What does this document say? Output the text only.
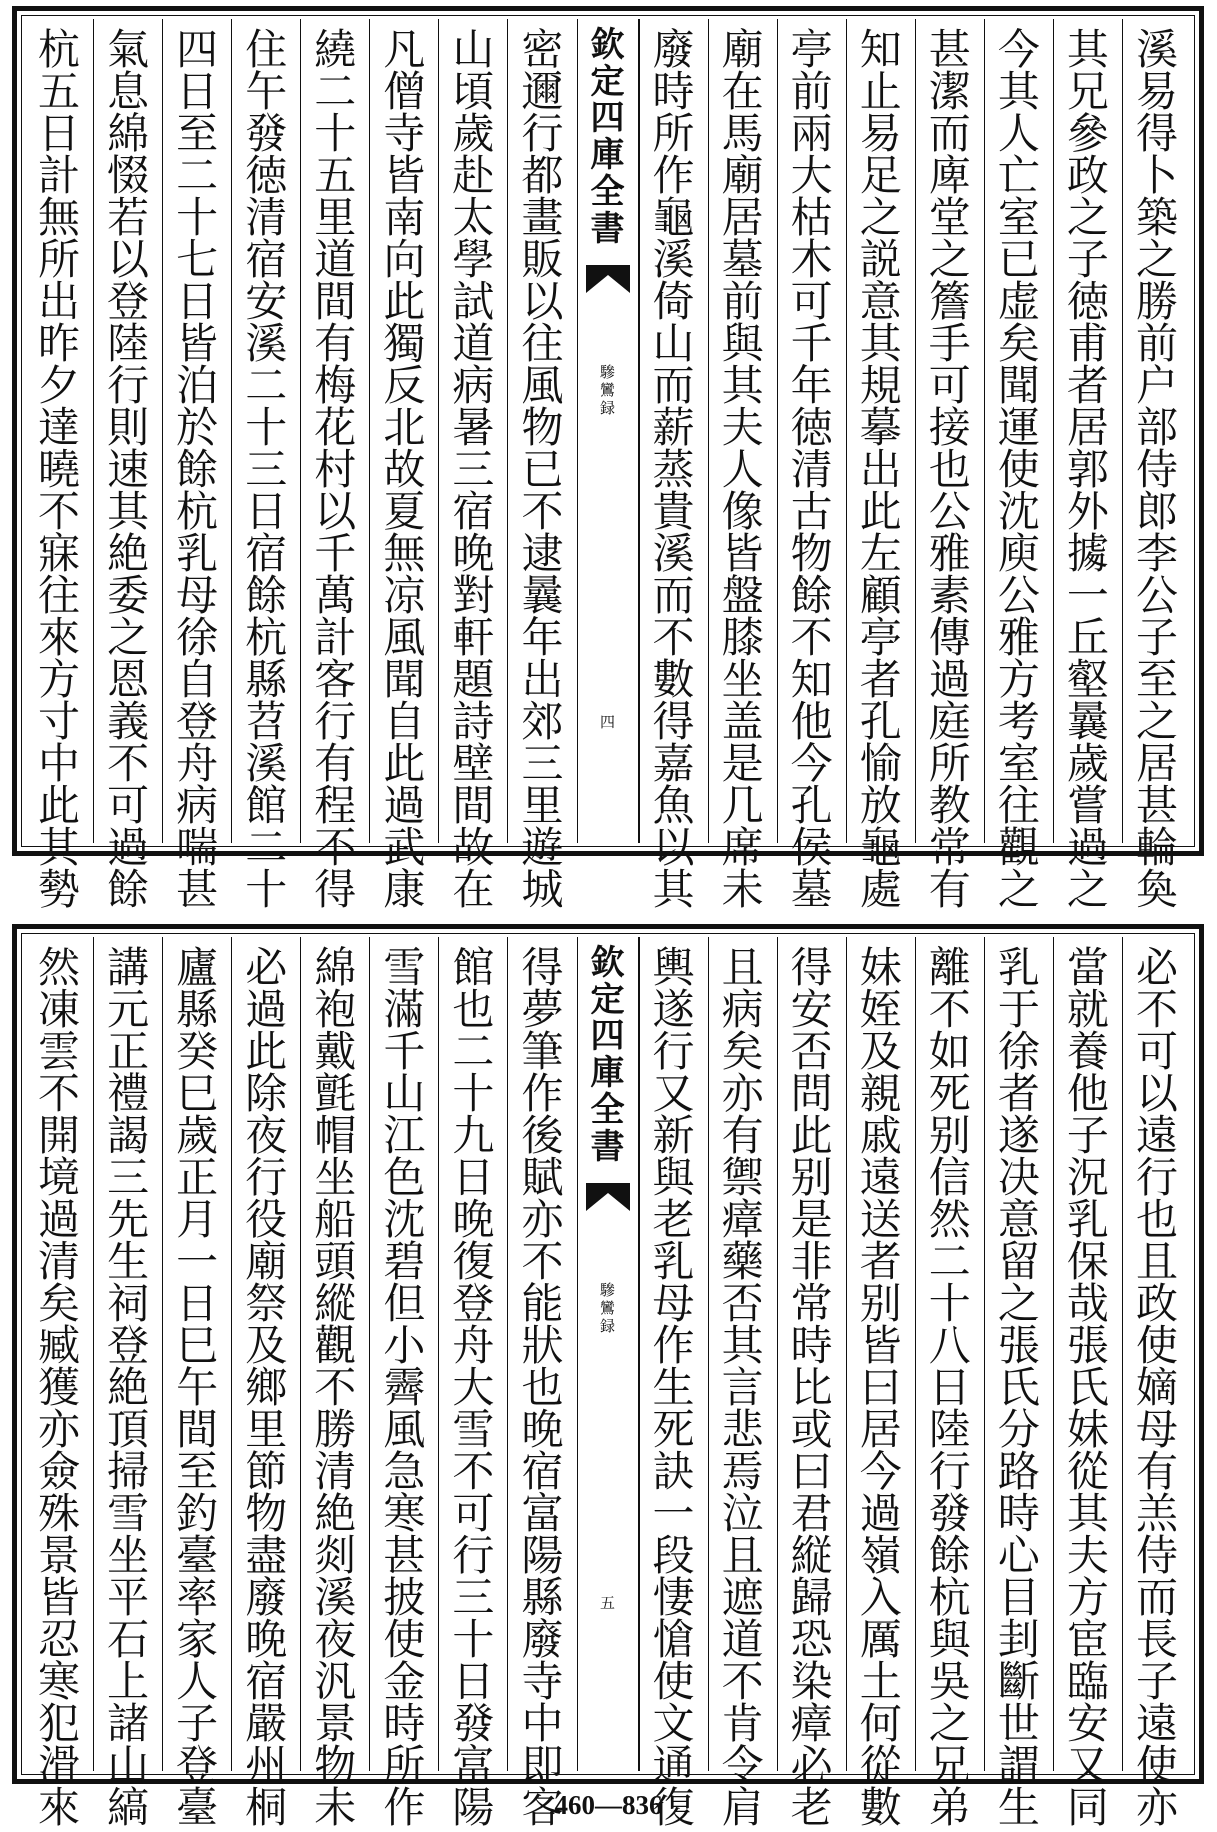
溪
易
得
卜
築
之
勝
前
户
部
侍
郎
李
公
子
至
之
居
甚
輪
奐
其
兄
參
政
之
子
徳
甫
者
居
郭
外
㩀
一
丘
壑
曩
歲
嘗
過
之
今
其
人
亡
室
已
虚
矣
聞
運
使
沈
庾
公
雅
方
考
室
往
觀
之
甚
潔
而
庳
堂
之
簷
手
可
接
也
公
雅
素
傳
過
庭
所
教
常
有
知
止
易
足
之
説
意
其
規
摹
出
此
左
顧
亭
者
孔
愉
放
龜
處
亭
前
兩
大
枯
木
可
千
年
徳
清
古
物
餘
不
知
他
今
孔
侯
墓
廟
在
馬
廟
居
墓
前
與
其
夫
人
像
皆
盤
膝
坐
盖
是
几
席
未
廢
時
所
作
龜
溪
倚
山
而
薪
蒸
貴
溪
而
不
數
得
嘉
魚
以
其
欽
定
四
庫
全
書
驂
鸞
録
四
密
邇
行
都
畫
販
以
往
風
物
已
不
逮
曩
年
出
郊
三
里
遊
城
山
頃
歲
赴
太
學
試
道
病
暑
三
宿
晚
對
軒
題
詩
壁
間
故
在
凡
僧
寺
皆
南
向
此
獨
反
北
故
夏
無
凉
風
聞
自
此
過
武
康
繞
二
十
五
里
道
間
有
梅
花
村
以
千
萬
計
客
行
有
程
不
得
住
午
發
徳
清
宿
安
溪
二
十
三
日
宿
餘
杭
縣
苕
溪
館
二
十
四
日
至
二
十
七
日
皆
泊
於
餘
杭
乳
母
徐
自
登
舟
病
喘
甚
氣
息
綿
惙
若
以
登
陸
行
則
速
其
絶
委
之
恩
義
不
可
過
餘
杭
五
日
計
無
所
出
昨
夕
達
曉
不
寐
往
來
方
寸
中
此
其
勢
必
不
可
以
遠
行
也
且
政
使
嫡
母
有
羔
侍
而
長
子
遠
使
亦
當
就
養
他
子
況
乳
保
哉
張
氏
妹
從
其
夫
方
宦
臨
安
又
同
乳
于
徐
者
遂
决
意
留
之
張
氏
分
路
時
心
目
刲
斷
世
謂
生
離
不
如
死
别
信
然
二
十
八
日
陸
行
發
餘
杭
與
吳
之
兄
弟
妹
姪
及
親
戚
遠
送
者
别
皆
曰
居
今
過
嶺
入
厲
土
何
從
數
得
安
否
問
此
别
是
非
常
時
比
或
曰
君
縦
歸
恐
染
瘴
必
老
且
病
矣
亦
有
禦
瘴
藥
否
其
言
悲
焉
泣
且
遮
道
不
肯
令
肩
輿
遂
行
又
新
與
老
乳
母
作
生
死
訣
一
段
悽
愴
使
文
通
復
欽
定
四
庫
全
書
驂
鸞
録
五
得
夢
筆
作
後
賦
亦
不
能
狀
也
晚
宿
富
陽
縣
廢
寺
中
即
客
館
也
二
十
九
日
晚
復
登
舟
大
雪
不
可
行
三
十
日
發
富
陽
雪
滿
千
山
江
色
沈
碧
但
小
霽
風
急
寒
甚
披
使
金
時
所
作
綿
袍
戴
氈
帽
坐
船
頭
縱
觀
不
勝
清
絶
剡
溪
夜
汎
景
物
未
必
過
此
除
夜
行
役
廟
祭
及
鄉
里
節
物
盡
廢
晚
宿
嚴
州
桐
廬
縣
癸
巳
歲
正
月
一
日
巳
午
間
至
釣
臺
率
家
人
子
登
臺
講
元
正
禮
謁
三
先
生
祠
登
絶
頂
掃
雪
坐
平
石
上
諸
山
縞
然
凍
雲
不
開
境
過
清
矣
臧
獲
亦
僉
殊
景
皆
忍
寒
犯
滑
來	460—836
